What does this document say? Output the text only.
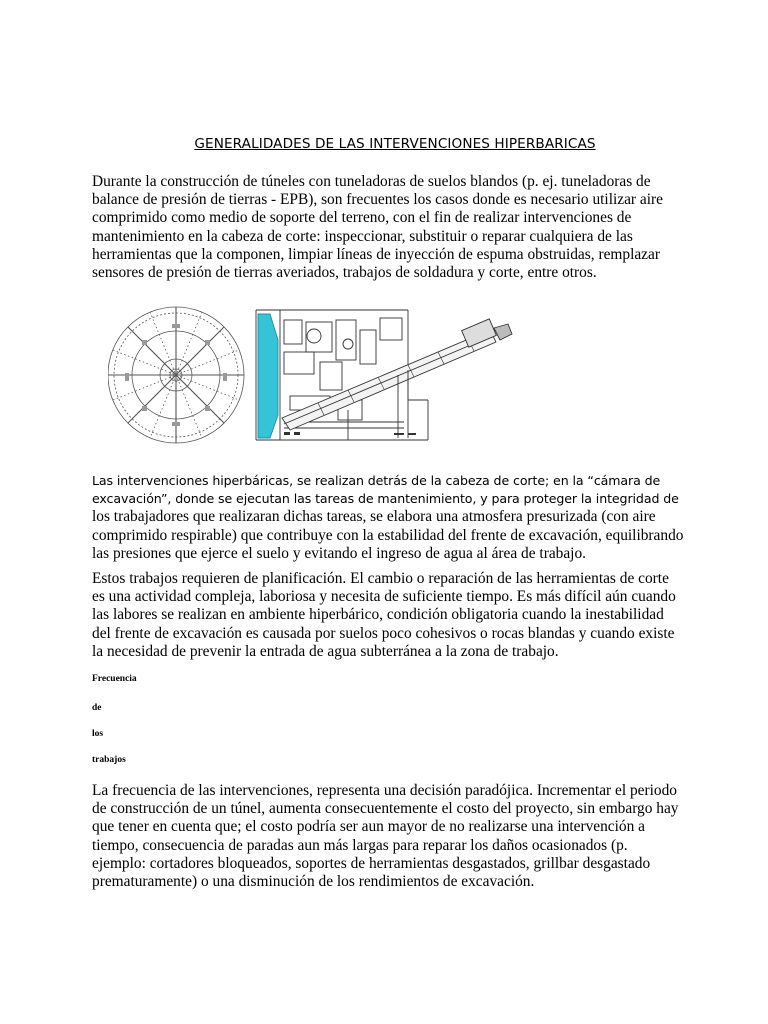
GENERALIDADES DE LAS INTERVENCIONES HIPERBARICAS

Durante la construcción de túneles con tuneladoras de suelos blandos (p. ej. tuneladoras de balance de presión de tierras - EPB), son frecuentes los casos donde es necesario utilizar aire comprimido como medio de soporte del terreno, con el fin de realizar intervenciones de mantenimiento en la cabeza de corte: inspeccionar, substituir o reparar cualquiera de las herramientas que la componen, limpiar líneas de inyección de espuma obstruidas, remplazar sensores de presión de tierras averiados, trabajos de soldadura y corte, entre otros.

Las intervenciones hiperbáricas, se realizan detrás de la cabeza de corte; en la “cámara de
excavación”, donde se ejecutan las tareas de mantenimiento, y para proteger la integridad de los trabajadores que realizaran dichas tareas, se elabora una atmosfera presurizada (con aire comprimido respirable) que contribuye con la estabilidad del frente de excavación, equilibrando las presiones que ejerce el suelo y evitando el ingreso de agua al área de trabajo.

Estos trabajos requieren de planificación. El cambio o reparación de las herramientas de corte es una actividad compleja, laboriosa y necesita de suficiente tiempo. Es más difícil aún cuando las labores se realizan en ambiente hiperbárico, condición obligatoria cuando la inestabilidad del frente de excavación es causada por suelos poco cohesivos o rocas blandas y cuando existe la necesidad de prevenir la entrada de agua subterránea a la zona de trabajo.

Frecuencia

de

los

trabajos

La frecuencia de las intervenciones, representa una decisión paradójica. Incrementar el periodo de construcción de un túnel, aumenta consecuentemente el costo del proyecto, sin embargo hay que tener en cuenta que; el costo podría ser aun mayor de no realizarse una intervención a tiempo, consecuencia de paradas aun más largas para reparar los daños ocasionados (p. ejemplo: cortadores bloqueados, soportes de herramientas desgastados, grillbar desgastado prematuramente) o una disminución de los rendimientos de excavación.
